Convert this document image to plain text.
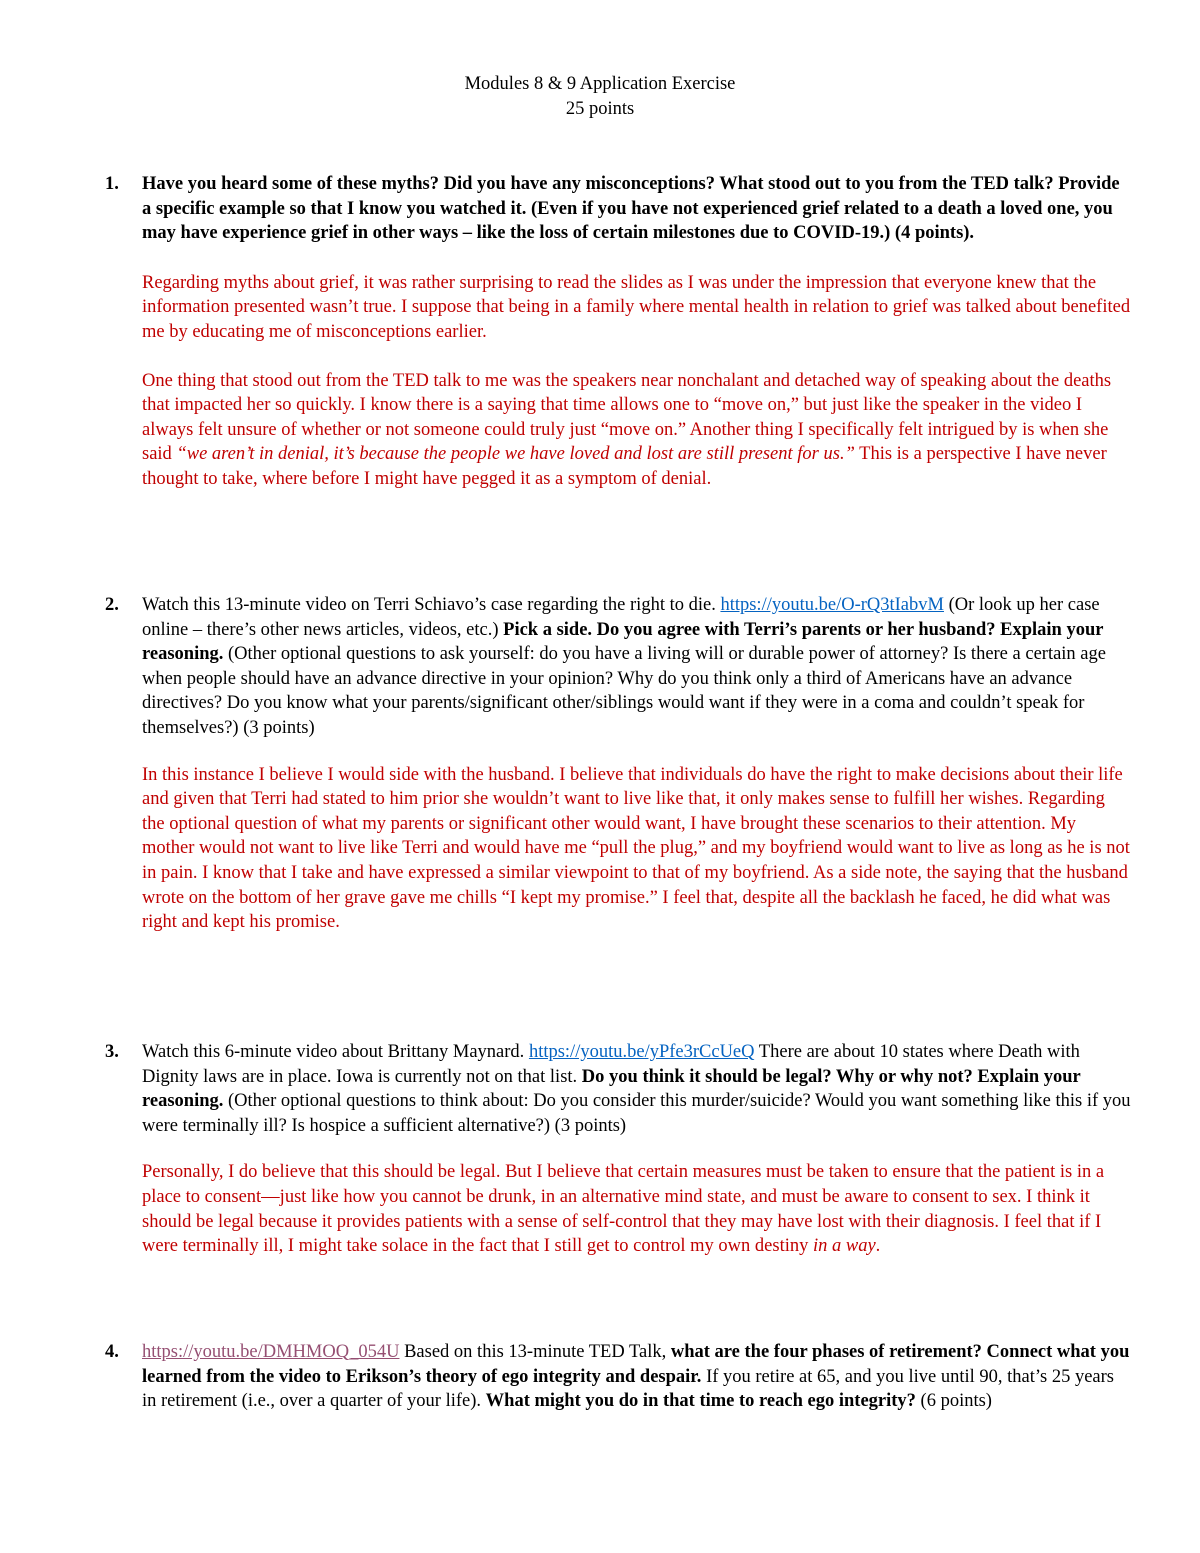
Modules 8 & 9 Application Exercise
25 points
1. Have you heard some of these myths? Did you have any misconceptions? What stood out to you from the TED talk? Provide a specific example so that I know you watched it. (Even if you have not experienced grief related to a death a loved one, you may have experience grief in other ways – like the loss of certain milestones due to COVID-19.) (4 points).

Regarding myths about grief, it was rather surprising to read the slides as I was under the impression that everyone knew that the information presented wasn’t true. I suppose that being in a family where mental health in relation to grief was talked about benefited me by educating me of misconceptions earlier.

One thing that stood out from the TED talk to me was the speakers near nonchalant and detached way of speaking about the deaths that impacted her so quickly. I know there is a saying that time allows one to “move on,” but just like the speaker in the video I always felt unsure of whether or not someone could truly just “move on.” Another thing I specifically felt intrigued by is when she said “we aren’t in denial, it’s because the people we have loved and lost are still present for us.” This is a perspective I have never thought to take, where before I might have pegged it as a symptom of denial.

2. Watch this 13-minute video on Terri Schiavo’s case regarding the right to die. https://youtu.be/O-rQ3tIabvM (Or look up her case online – there’s other news articles, videos, etc.) Pick a side. Do you agree with Terri’s parents or her husband? Explain your reasoning. (Other optional questions to ask yourself: do you have a living will or durable power of attorney? Is there a certain age when people should have an advance directive in your opinion? Why do you think only a third of Americans have an advance directives? Do you know what your parents/significant other/siblings would want if they were in a coma and couldn’t speak for themselves?) (3 points)

In this instance I believe I would side with the husband. I believe that individuals do have the right to make decisions about their life and given that Terri had stated to him prior she wouldn’t want to live like that, it only makes sense to fulfill her wishes. Regarding the optional question of what my parents or significant other would want, I have brought these scenarios to their attention. My mother would not want to live like Terri and would have me “pull the plug,” and my boyfriend would want to live as long as he is not in pain. I know that I take and have expressed a similar viewpoint to that of my boyfriend. As a side note, the saying that the husband wrote on the bottom of her grave gave me chills “I kept my promise.” I feel that, despite all the backlash he faced, he did what was right and kept his promise.

3. Watch this 6-minute video about Brittany Maynard. https://youtu.be/yPfe3rCcUeQ There are about 10 states where Death with Dignity laws are in place. Iowa is currently not on that list. Do you think it should be legal? Why or why not? Explain your reasoning. (Other optional questions to think about: Do you consider this murder/suicide? Would you want something like this if you were terminally ill? Is hospice a sufficient alternative?) (3 points)

Personally, I do believe that this should be legal. But I believe that certain measures must be taken to ensure that the patient is in a place to consent—just like how you cannot be drunk, in an alternative mind state, and must be aware to consent to sex. I think it should be legal because it provides patients with a sense of self-control that they may have lost with their diagnosis. I feel that if I were terminally ill, I might take solace in the fact that I still get to control my own destiny in a way.

4. https://youtu.be/DMHMOQ_054U Based on this 13-minute TED Talk, what are the four phases of retirement? Connect what you learned from the video to Erikson’s theory of ego integrity and despair. If you retire at 65, and you live until 90, that’s 25 years in retirement (i.e., over a quarter of your life). What might you do in that time to reach ego integrity? (6 points)
